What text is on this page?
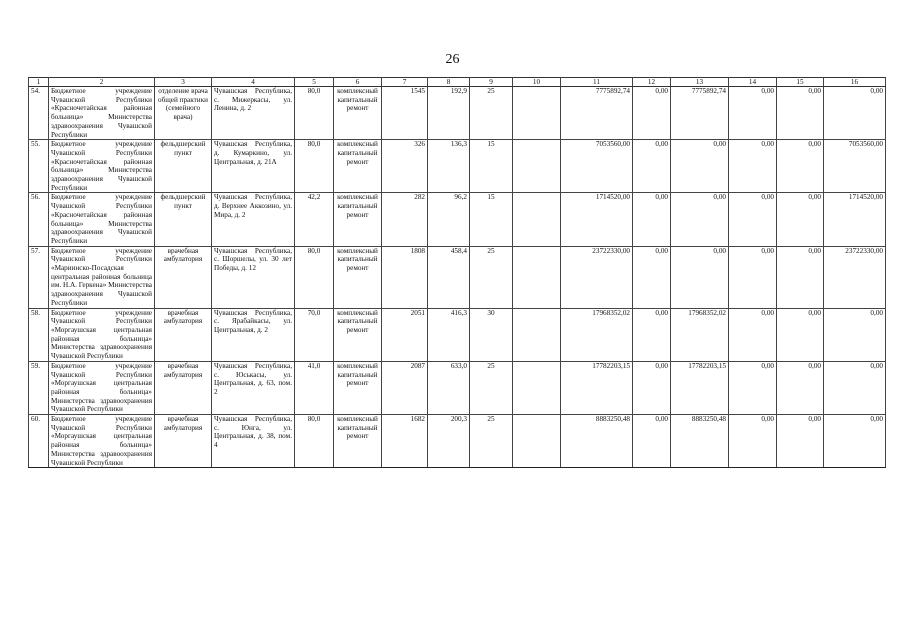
26
1	2	3	4	5	6	7	8	9	10	11	12	13	14	15	16
54.	Бюджетное учреждение Чувашской Республики «Красночетайская районная больница» Министерства здравоохранения Чувашской Республики	отделение врача общей практики (семейного врача)	Чувашская Республика, с. Мижеркасы, ул. Ленина, д. 2	80,0	комплексный капитальный ремонт	1545	192,9	25		7775892,74	0,00	7775892,74	0,00	0,00	0,00
55.	Бюджетное учреждение Чувашской Республики «Красночетайская районная больница» Министерства здравоохранения Чувашской Республики	фельдшерский пункт	Чувашская Республика, д. Кумаркино, ул. Центральная, д. 21А	80,0	комплексный капитальный ремонт	326	136,3	15		7053560,00	0,00	0,00	0,00	0,00	7053560,00
56.	Бюджетное учреждение Чувашской Республики «Красночетайская районная больница» Министерства здравоохранения Чувашской Республики	фельдшерский пункт	Чувашская Республика, д. Верхнее Аккозино, ул. Мира, д. 2	42,2	комплексный капитальный ремонт	282	96,2	15		1714520,00	0,00	0,00	0,00	0,00	1714520,00
57.	Бюджетное учреждение Чувашской Республики «Мариинско-Посадская центральная районная больница им. Н.А. Геркена» Министерства здравоохранения Чувашской Республики	врачебная амбулатория	Чувашская Республика, с. Шоршелы, ул. 30 лет Победы, д. 12	80,0	комплексный капитальный ремонт	1808	458,4	25		23722330,00	0,00	0,00	0,00	0,00	23722330,00
58.	Бюджетное учреждение Чувашской Республики «Моргаушская центральная районная больница» Министерства здравоохранения Чувашской Республики	врачебная амбулатория	Чувашская Республика, с. Ярабайкасы, ул. Центральная, д. 2	70,0	комплексный капитальный ремонт	2051	416,3	30		17968352,02	0,00	17968352,02	0,00	0,00	0,00
59.	Бюджетное учреждение Чувашской Республики «Моргаушская центральная районная больница» Министерства здравоохранения Чувашской Республики	врачебная амбулатория	Чувашская Республика, с. Юськасы, ул. Центральная, д. 63, пом. 2	41,0	комплексный капитальный ремонт	2087	633,0	25		17782203,15	0,00	17782203,15	0,00	0,00	0,00
60.	Бюджетное учреждение Чувашской Республики «Моргаушская центральная районная больница» Министерства здравоохранения Чувашской Республики	врачебная амбулатория	Чувашская Республика, с. Юнга, ул. Центральная, д. 38, пом. 4	80,0	комплексный капитальный ремонт	1682	200,3	25		8883250,48	0,00	8883250,48	0,00	0,00	0,00
